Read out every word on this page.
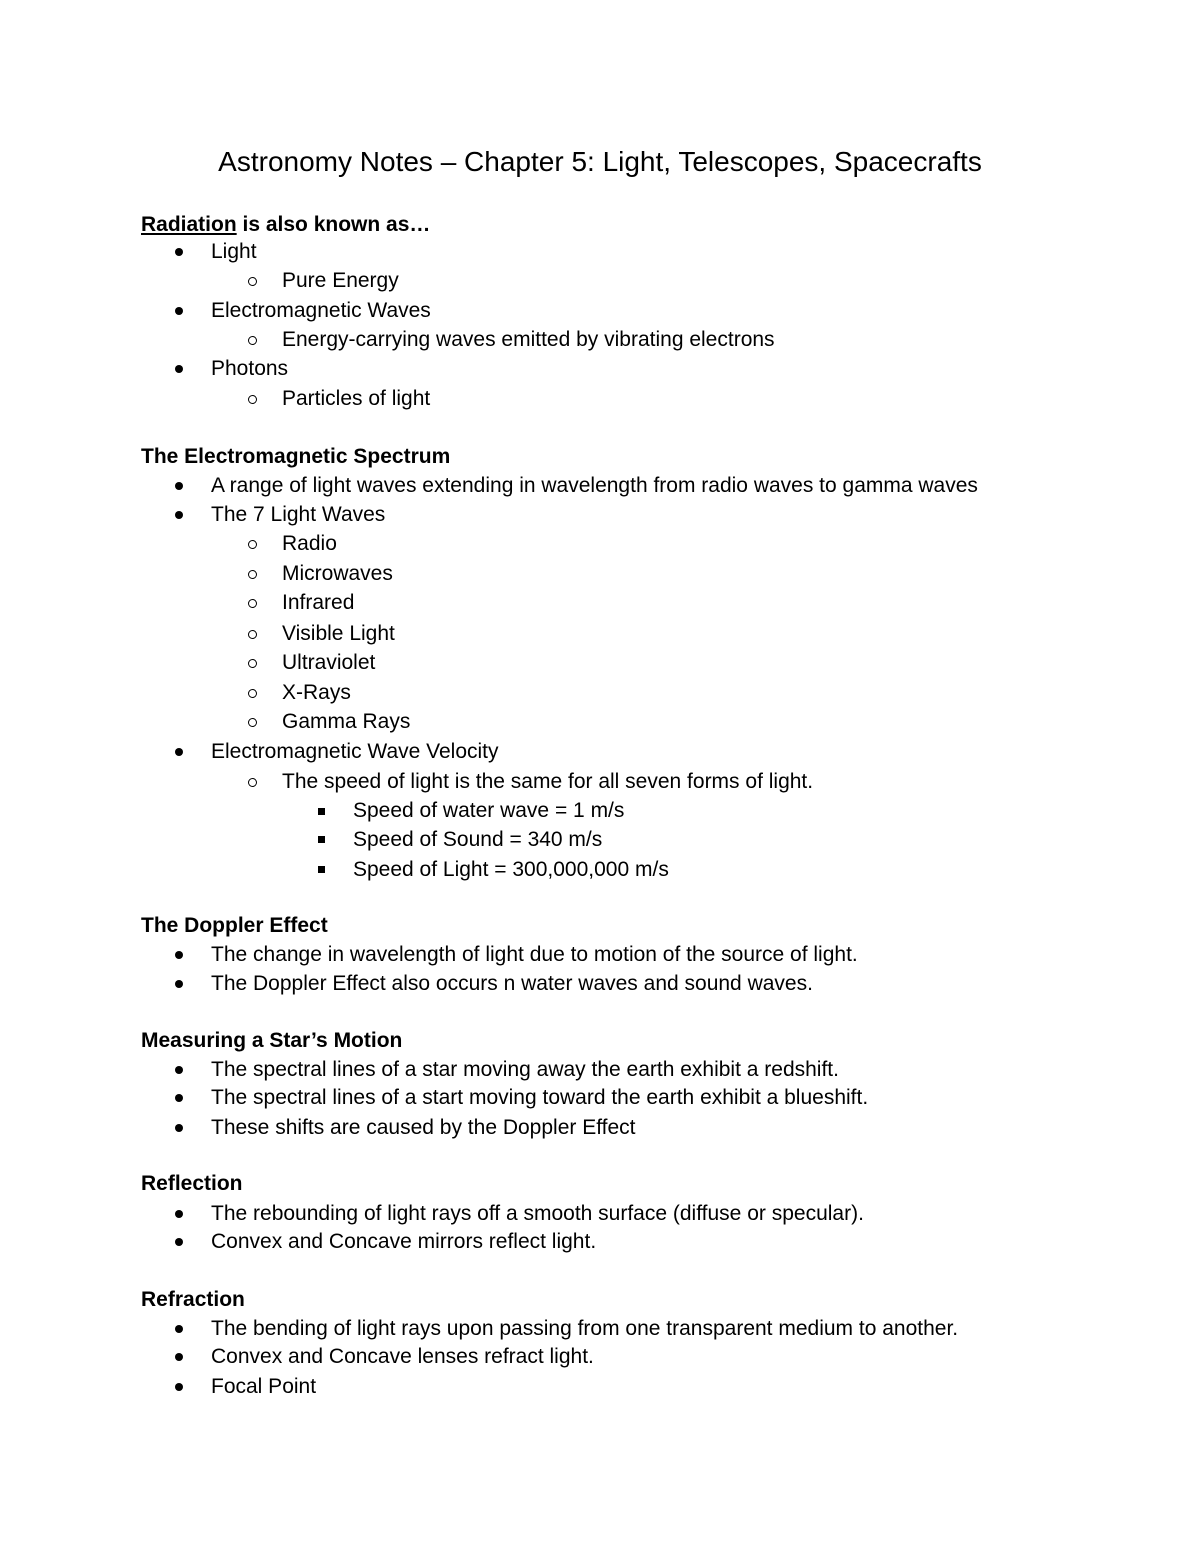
Astronomy Notes – Chapter 5: Light, Telescopes, Spacecrafts
Radiation is also known as…
Light
Pure Energy
Electromagnetic Waves
Energy-carrying waves emitted by vibrating electrons
Photons
Particles of light
The Electromagnetic Spectrum
A range of light waves extending in wavelength from radio waves to gamma waves
The 7 Light Waves
Radio
Microwaves
Infrared
Visible Light
Ultraviolet
X-Rays
Gamma Rays
Electromagnetic Wave Velocity
The speed of light is the same for all seven forms of light.
Speed of water wave = 1 m/s
Speed of Sound = 340 m/s
Speed of Light = 300,000,000 m/s
The Doppler Effect
The change in wavelength of light due to motion of the source of light.
The Doppler Effect also occurs n water waves and sound waves.
Measuring a Star’s Motion
The spectral lines of a star moving away the earth exhibit a redshift.
The spectral lines of a start moving toward the earth exhibit a blueshift.
These shifts are caused by the Doppler Effect
Reflection
The rebounding of light rays off a smooth surface (diffuse or specular).
Convex and Concave mirrors reflect light.
Refraction
The bending of light rays upon passing from one transparent medium to another.
Convex and Concave lenses refract light.
Focal Point
